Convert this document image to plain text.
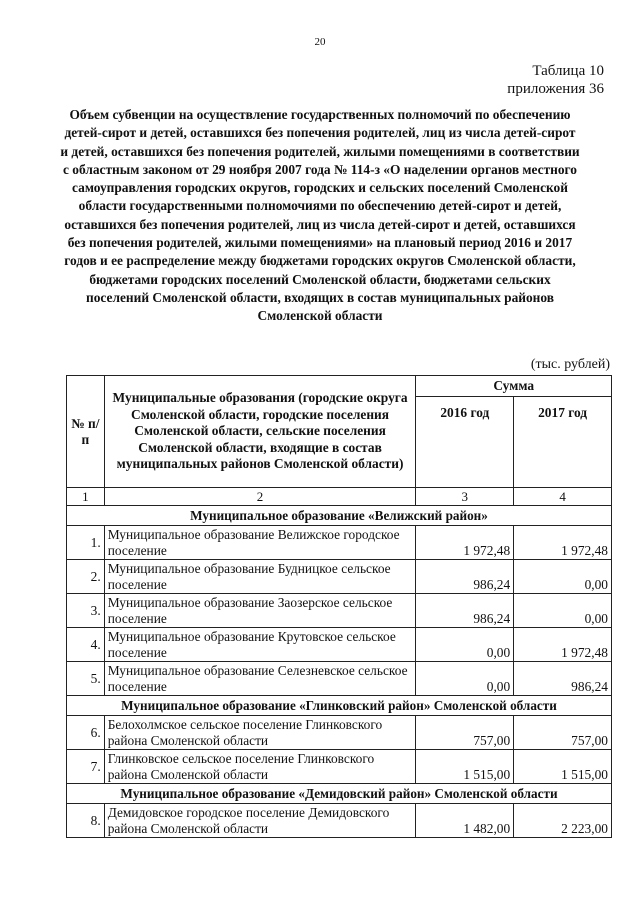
20
Таблица 10
приложения 36
Объем субвенции на осуществление государственных полномочий по обеспечению детей-сирот и детей, оставшихся без попечения родителей, лиц из числа детей-сирот и детей, оставшихся без попечения родителей, жилыми помещениями в соответствии с областным законом от 29 ноября 2007 года № 114-з «О наделении органов местного самоуправления городских округов, городских и сельских поселений Смоленской области государственными полномочиями по обеспечению детей-сирот и детей, оставшихся без попечения родителей, лиц из числа детей-сирот и детей, оставшихся без попечения родителей, жилыми помещениями» на плановый период 2016 и 2017 годов и ее распределение между бюджетами городских округов Смоленской области, бюджетами городских поселений Смоленской области, бюджетами сельских поселений Смоленской области, входящих в состав муниципальных районов Смоленской области
(тыс. рублей)
№ п/п	Муниципальные образования (городские округа Смоленской области, городские поселения Смоленской области, сельские поселения Смоленской области, входящие в состав муниципальных районов Смоленской области)	Сумма	
		2016 год	2017 год
1	2	3	4
Муниципальное образование «Велижский район»			
1.	Муниципальное образование Велижское городское поселение	1 972,48	1 972,48
2.	Муниципальное образование Будницкое сельское поселение	986,24	0,00
3.	Муниципальное образование Заозерское сельское поселение	986,24	0,00
4.	Муниципальное образование Крутовское сельское поселение	0,00	1 972,48
5.	Муниципальное образование Селезневское сельское поселение	0,00	986,24
Муниципальное образование «Глинковский район» Смоленской области			
6.	Белохолмское сельское поселение Глинковского района Смоленской области	757,00	757,00
7.	Глинковское сельское поселение Глинковского района Смоленской области	1 515,00	1 515,00
Муниципальное образование «Демидовский район» Смоленской области			
8.	Демидовское городское поселение Демидовского района Смоленской области	1 482,00	2 223,00
